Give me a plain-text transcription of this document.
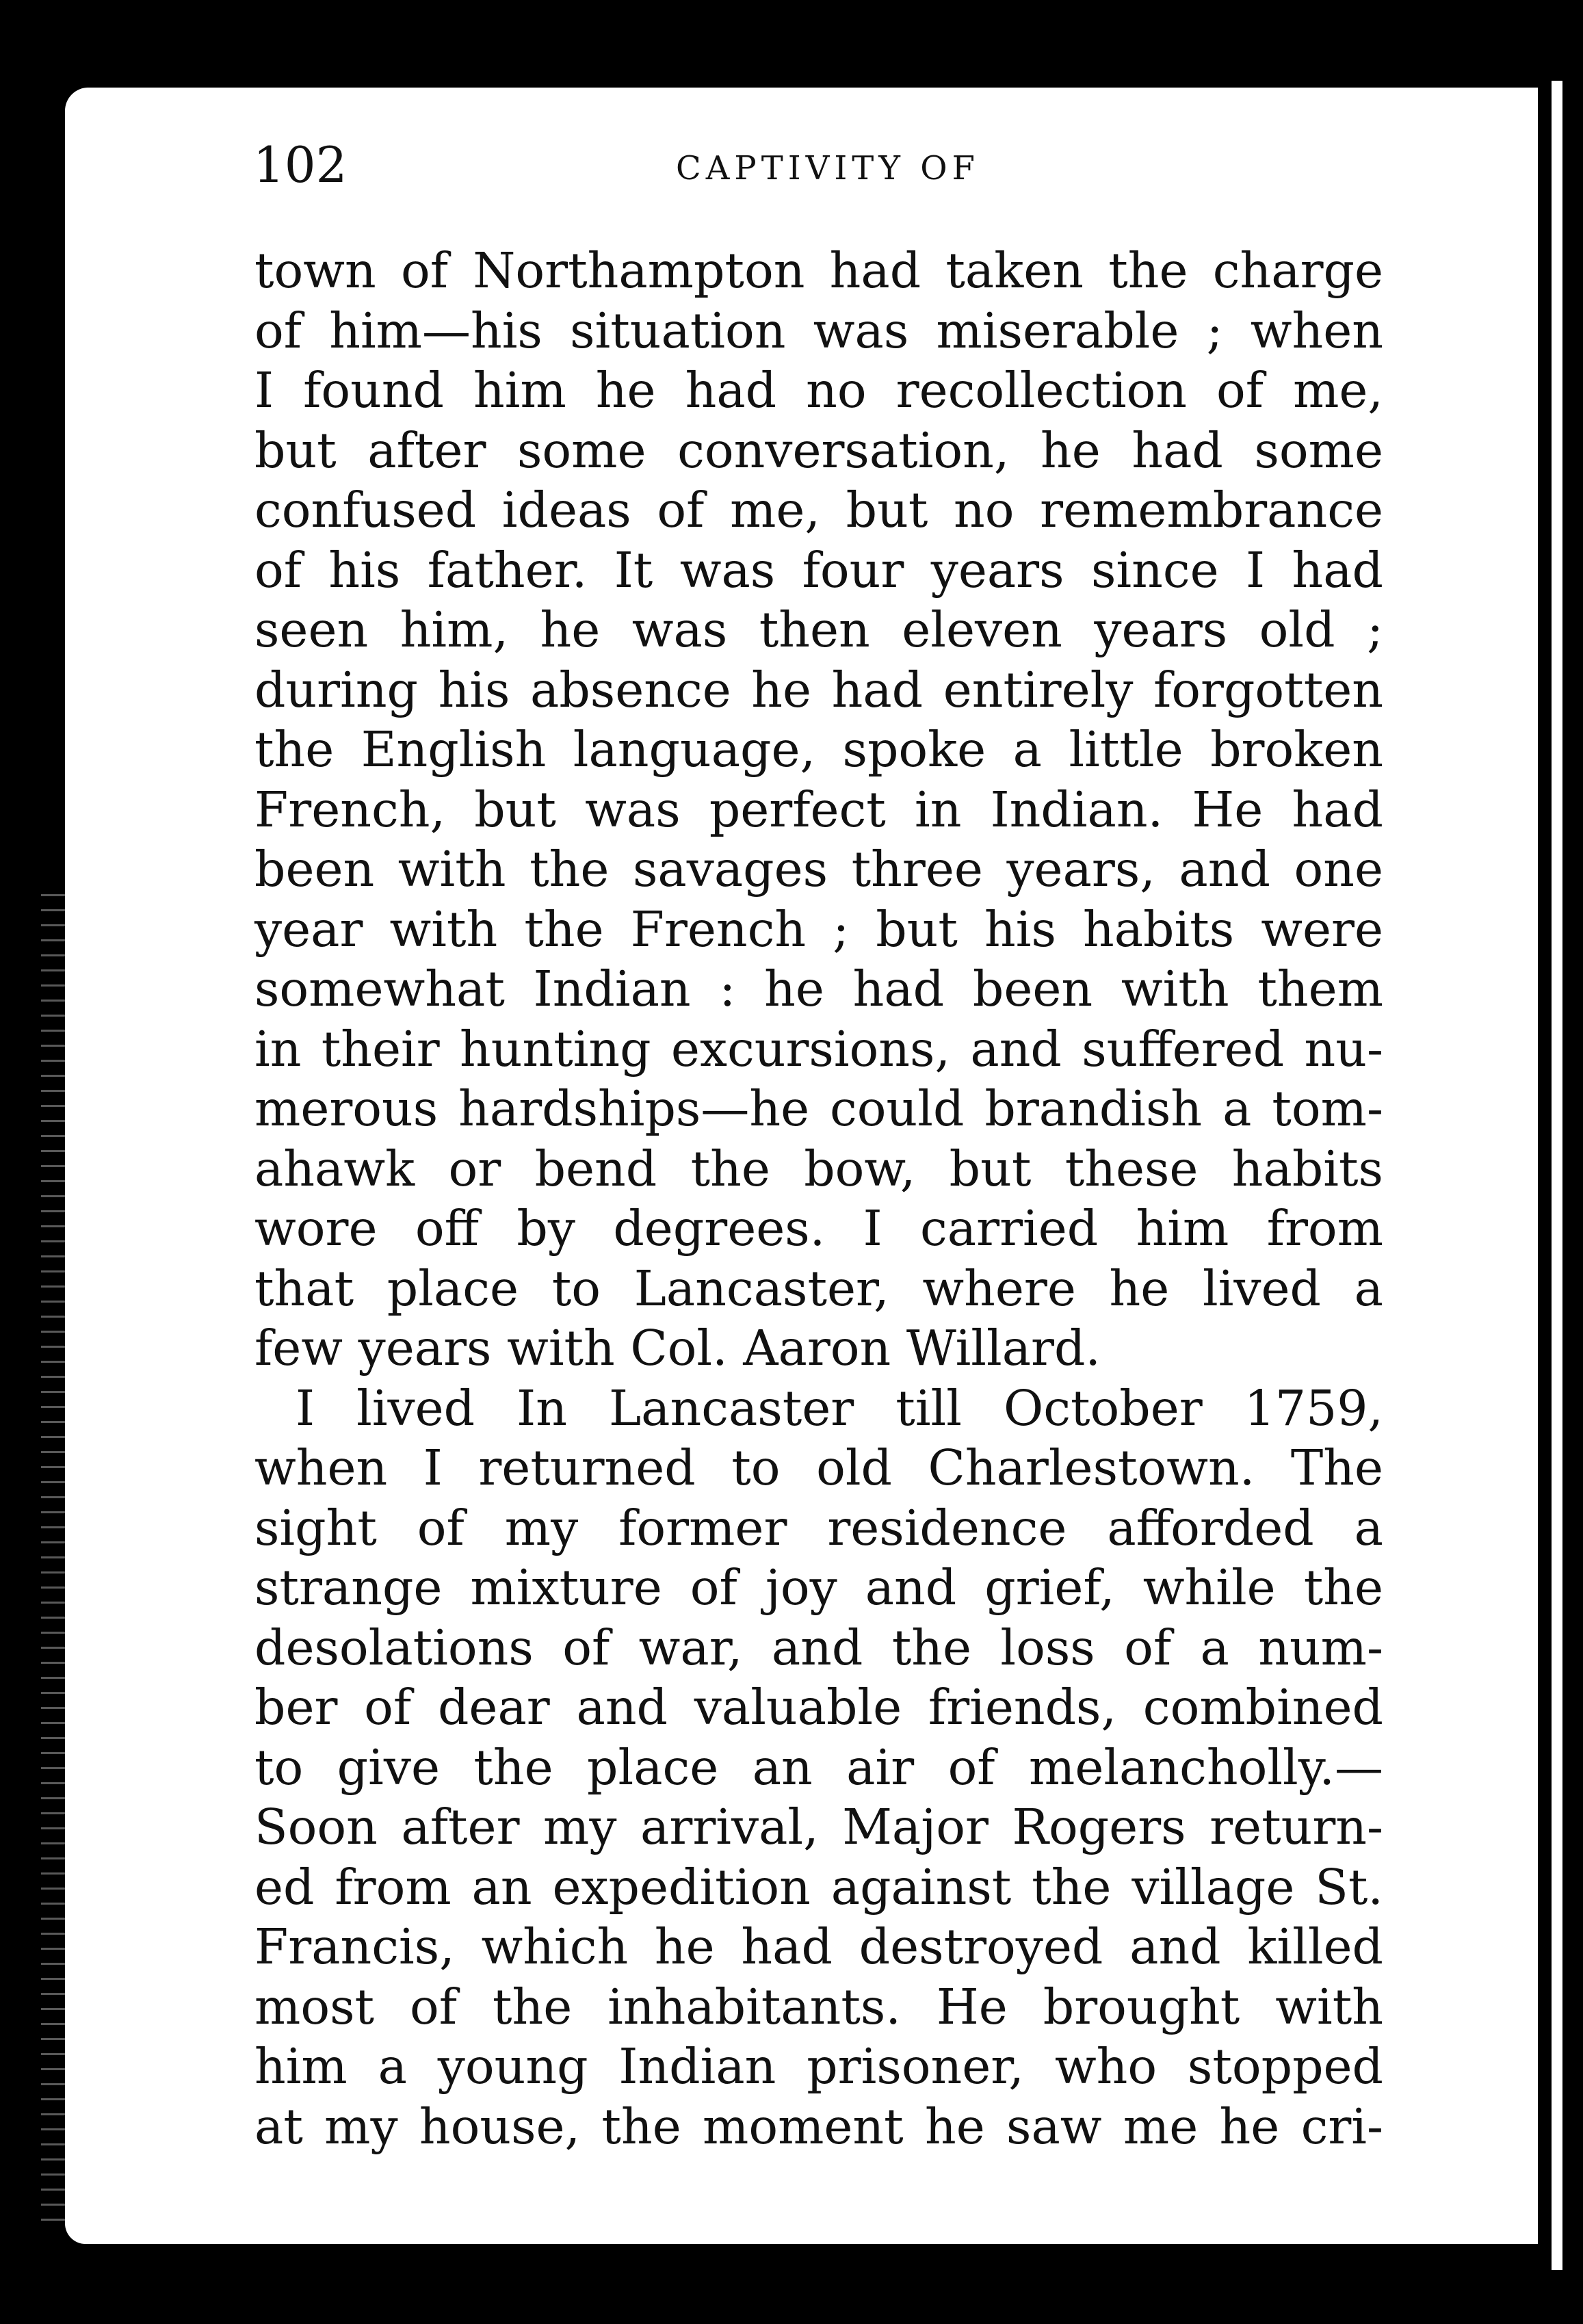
102	CAPTIVITY OF
town of Northampton had taken the charge
of him—his situation was miserable ; when
I found him he had no recollection of me,
but after some conversation, he had some
confused ideas of me, but no remembrance
of his father. It was four years since I had
seen him, he was then eleven years old ;
during his absence he had entirely forgotten
the English language, spoke a little broken
French, but was perfect in Indian. He had
been with the savages three years, and one
year with the French ; but his habits were
somewhat Indian : he had been with them
in their hunting excursions, and suffered nu-
merous hardships—he could brandish a tom-
ahawk or bend the bow, but these habits
wore off by degrees. I carried him from
that place to Lancaster, where he lived a
few years with Col. Aaron Willard.
I lived In Lancaster till October 1759,
when I returned to old Charlestown. The
sight of my former residence afforded a
strange mixture of joy and grief, while the
desolations of war, and the loss of a num-
ber of dear and valuable friends, combined
to give the place an air of melancholly.—
Soon after my arrival, Major Rogers return-
ed from an expedition against the village St.
Francis, which he had destroyed and killed
most of the inhabitants. He brought with
him a young Indian prisoner, who stopped
at my house, the moment he saw me he cri-
